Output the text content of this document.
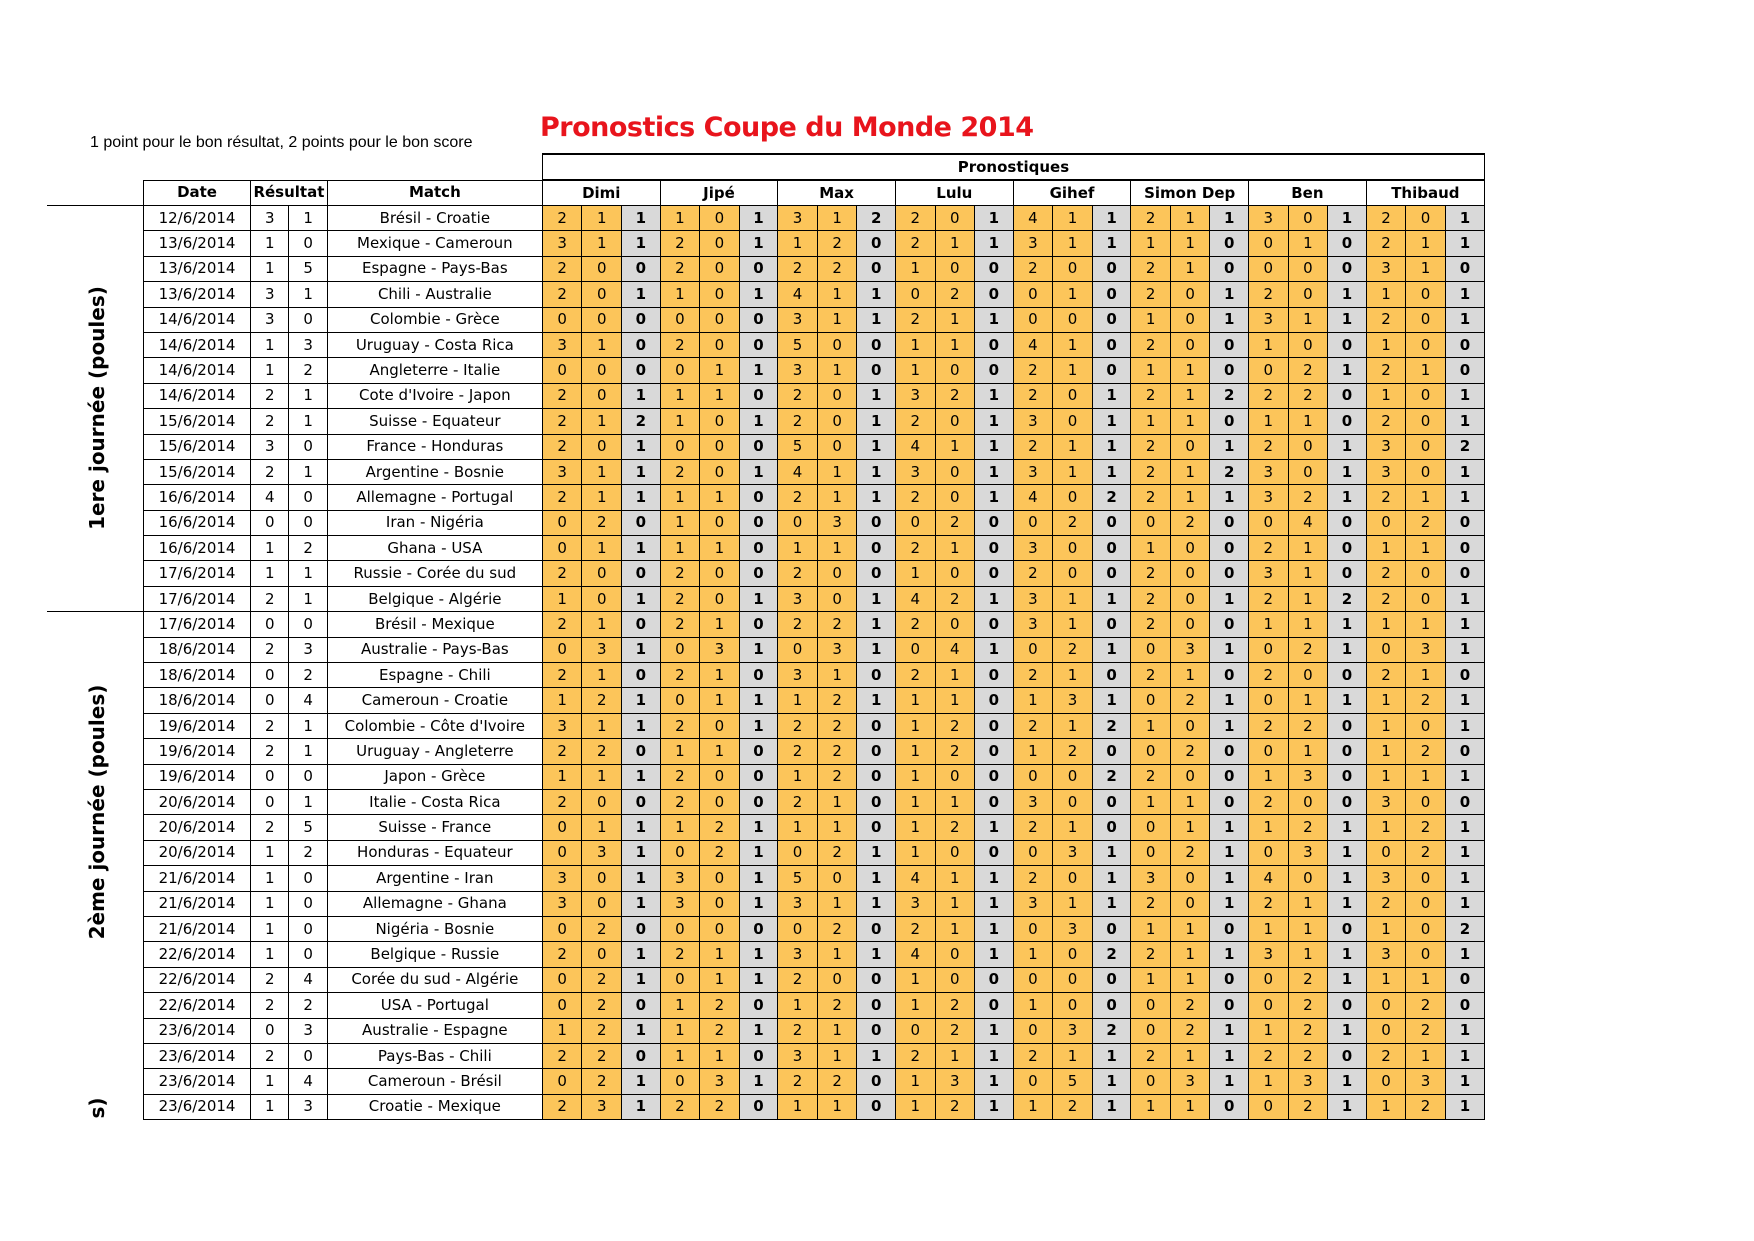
1 point pour le bon résultat, 2 points pour le bon score	Pronostics Coupe du Monde 2014
1ere journée (poules)
2ème journée (poules)
s)
				Pronostiques																							
Date	Résultat		Match	Dimi			Jipé			Max			Lulu			Gihef			Simon Dep			Ben			Thibaud		
12/6/2014	3	1	Brésil - Croatie	2	1	1	1	0	1	3	1	2	2	0	1	4	1	1	2	1	1	3	0	1	2	0	1
13/6/2014	1	0	Mexique - Cameroun	3	1	1	2	0	1	1	2	0	2	1	1	3	1	1	1	1	0	0	1	0	2	1	1
13/6/2014	1	5	Espagne - Pays-Bas	2	0	0	2	0	0	2	2	0	1	0	0	2	0	0	2	1	0	0	0	0	3	1	0
13/6/2014	3	1	Chili - Australie	2	0	1	1	0	1	4	1	1	0	2	0	0	1	0	2	0	1	2	0	1	1	0	1
14/6/2014	3	0	Colombie - Grèce	0	0	0	0	0	0	3	1	1	2	1	1	0	0	0	1	0	1	3	1	1	2	0	1
14/6/2014	1	3	Uruguay - Costa Rica	3	1	0	2	0	0	5	0	0	1	1	0	4	1	0	2	0	0	1	0	0	1	0	0
14/6/2014	1	2	Angleterre - Italie	0	0	0	0	1	1	3	1	0	1	0	0	2	1	0	1	1	0	0	2	1	2	1	0
14/6/2014	2	1	Cote d'Ivoire - Japon	2	0	1	1	1	0	2	0	1	3	2	1	2	0	1	2	1	2	2	2	0	1	0	1
15/6/2014	2	1	Suisse - Equateur	2	1	2	1	0	1	2	0	1	2	0	1	3	0	1	1	1	0	1	1	0	2	0	1
15/6/2014	3	0	France - Honduras	2	0	1	0	0	0	5	0	1	4	1	1	2	1	1	2	0	1	2	0	1	3	0	2
15/6/2014	2	1	Argentine - Bosnie	3	1	1	2	0	1	4	1	1	3	0	1	3	1	1	2	1	2	3	0	1	3	0	1
16/6/2014	4	0	Allemagne - Portugal	2	1	1	1	1	0	2	1	1	2	0	1	4	0	2	2	1	1	3	2	1	2	1	1
16/6/2014	0	0	Iran - Nigéria	0	2	0	1	0	0	0	3	0	0	2	0	0	2	0	0	2	0	0	4	0	0	2	0
16/6/2014	1	2	Ghana - USA	0	1	1	1	1	0	1	1	0	2	1	0	3	0	0	1	0	0	2	1	0	1	1	0
17/6/2014	1	1	Russie - Corée du sud	2	0	0	2	0	0	2	0	0	1	0	0	2	0	0	2	0	0	3	1	0	2	0	0
17/6/2014	2	1	Belgique - Algérie	1	0	1	2	0	1	3	0	1	4	2	1	3	1	1	2	0	1	2	1	2	2	0	1
17/6/2014	0	0	Brésil - Mexique	2	1	0	2	1	0	2	2	1	2	0	0	3	1	0	2	0	0	1	1	1	1	1	1
18/6/2014	2	3	Australie - Pays-Bas	0	3	1	0	3	1	0	3	1	0	4	1	0	2	1	0	3	1	0	2	1	0	3	1
18/6/2014	0	2	Espagne - Chili	2	1	0	2	1	0	3	1	0	2	1	0	2	1	0	2	1	0	2	0	0	2	1	0
18/6/2014	0	4	Cameroun - Croatie	1	2	1	0	1	1	1	2	1	1	1	0	1	3	1	0	2	1	0	1	1	1	2	1
19/6/2014	2	1	Colombie - Côte d'Ivoire	3	1	1	2	0	1	2	2	0	1	2	0	2	1	2	1	0	1	2	2	0	1	0	1
19/6/2014	2	1	Uruguay - Angleterre	2	2	0	1	1	0	2	2	0	1	2	0	1	2	0	0	2	0	0	1	0	1	2	0
19/6/2014	0	0	Japon - Grèce	1	1	1	2	0	0	1	2	0	1	0	0	0	0	2	2	0	0	1	3	0	1	1	1
20/6/2014	0	1	Italie - Costa Rica	2	0	0	2	0	0	2	1	0	1	1	0	3	0	0	1	1	0	2	0	0	3	0	0
20/6/2014	2	5	Suisse - France	0	1	1	1	2	1	1	1	0	1	2	1	2	1	0	0	1	1	1	2	1	1	2	1
20/6/2014	1	2	Honduras - Equateur	0	3	1	0	2	1	0	2	1	1	0	0	0	3	1	0	2	1	0	3	1	0	2	1
21/6/2014	1	0	Argentine - Iran	3	0	1	3	0	1	5	0	1	4	1	1	2	0	1	3	0	1	4	0	1	3	0	1
21/6/2014	1	0	Allemagne - Ghana	3	0	1	3	0	1	3	1	1	3	1	1	3	1	1	2	0	1	2	1	1	2	0	1
21/6/2014	1	0	Nigéria - Bosnie	0	2	0	0	0	0	0	2	0	2	1	1	0	3	0	1	1	0	1	1	0	1	0	2
22/6/2014	1	0	Belgique - Russie	2	0	1	2	1	1	3	1	1	4	0	1	1	0	2	2	1	1	3	1	1	3	0	1
22/6/2014	2	4	Corée du sud - Algérie	0	2	1	0	1	1	2	0	0	1	0	0	0	0	0	1	1	0	0	2	1	1	1	0
22/6/2014	2	2	USA - Portugal	0	2	0	1	2	0	1	2	0	1	2	0	1	0	0	0	2	0	0	2	0	0	2	0
23/6/2014	0	3	Australie - Espagne	1	2	1	1	2	1	2	1	0	0	2	1	0	3	2	0	2	1	1	2	1	0	2	1
23/6/2014	2	0	Pays-Bas - Chili	2	2	0	1	1	0	3	1	1	2	1	1	2	1	1	2	1	1	2	2	0	2	1	1
23/6/2014	1	4	Cameroun - Brésil	0	2	1	0	3	1	2	2	0	1	3	1	0	5	1	0	3	1	1	3	1	0	3	1
23/6/2014	1	3	Croatie - Mexique	2	3	1	2	2	0	1	1	0	1	2	1	1	2	1	1	1	0	0	2	1	1	2	1
